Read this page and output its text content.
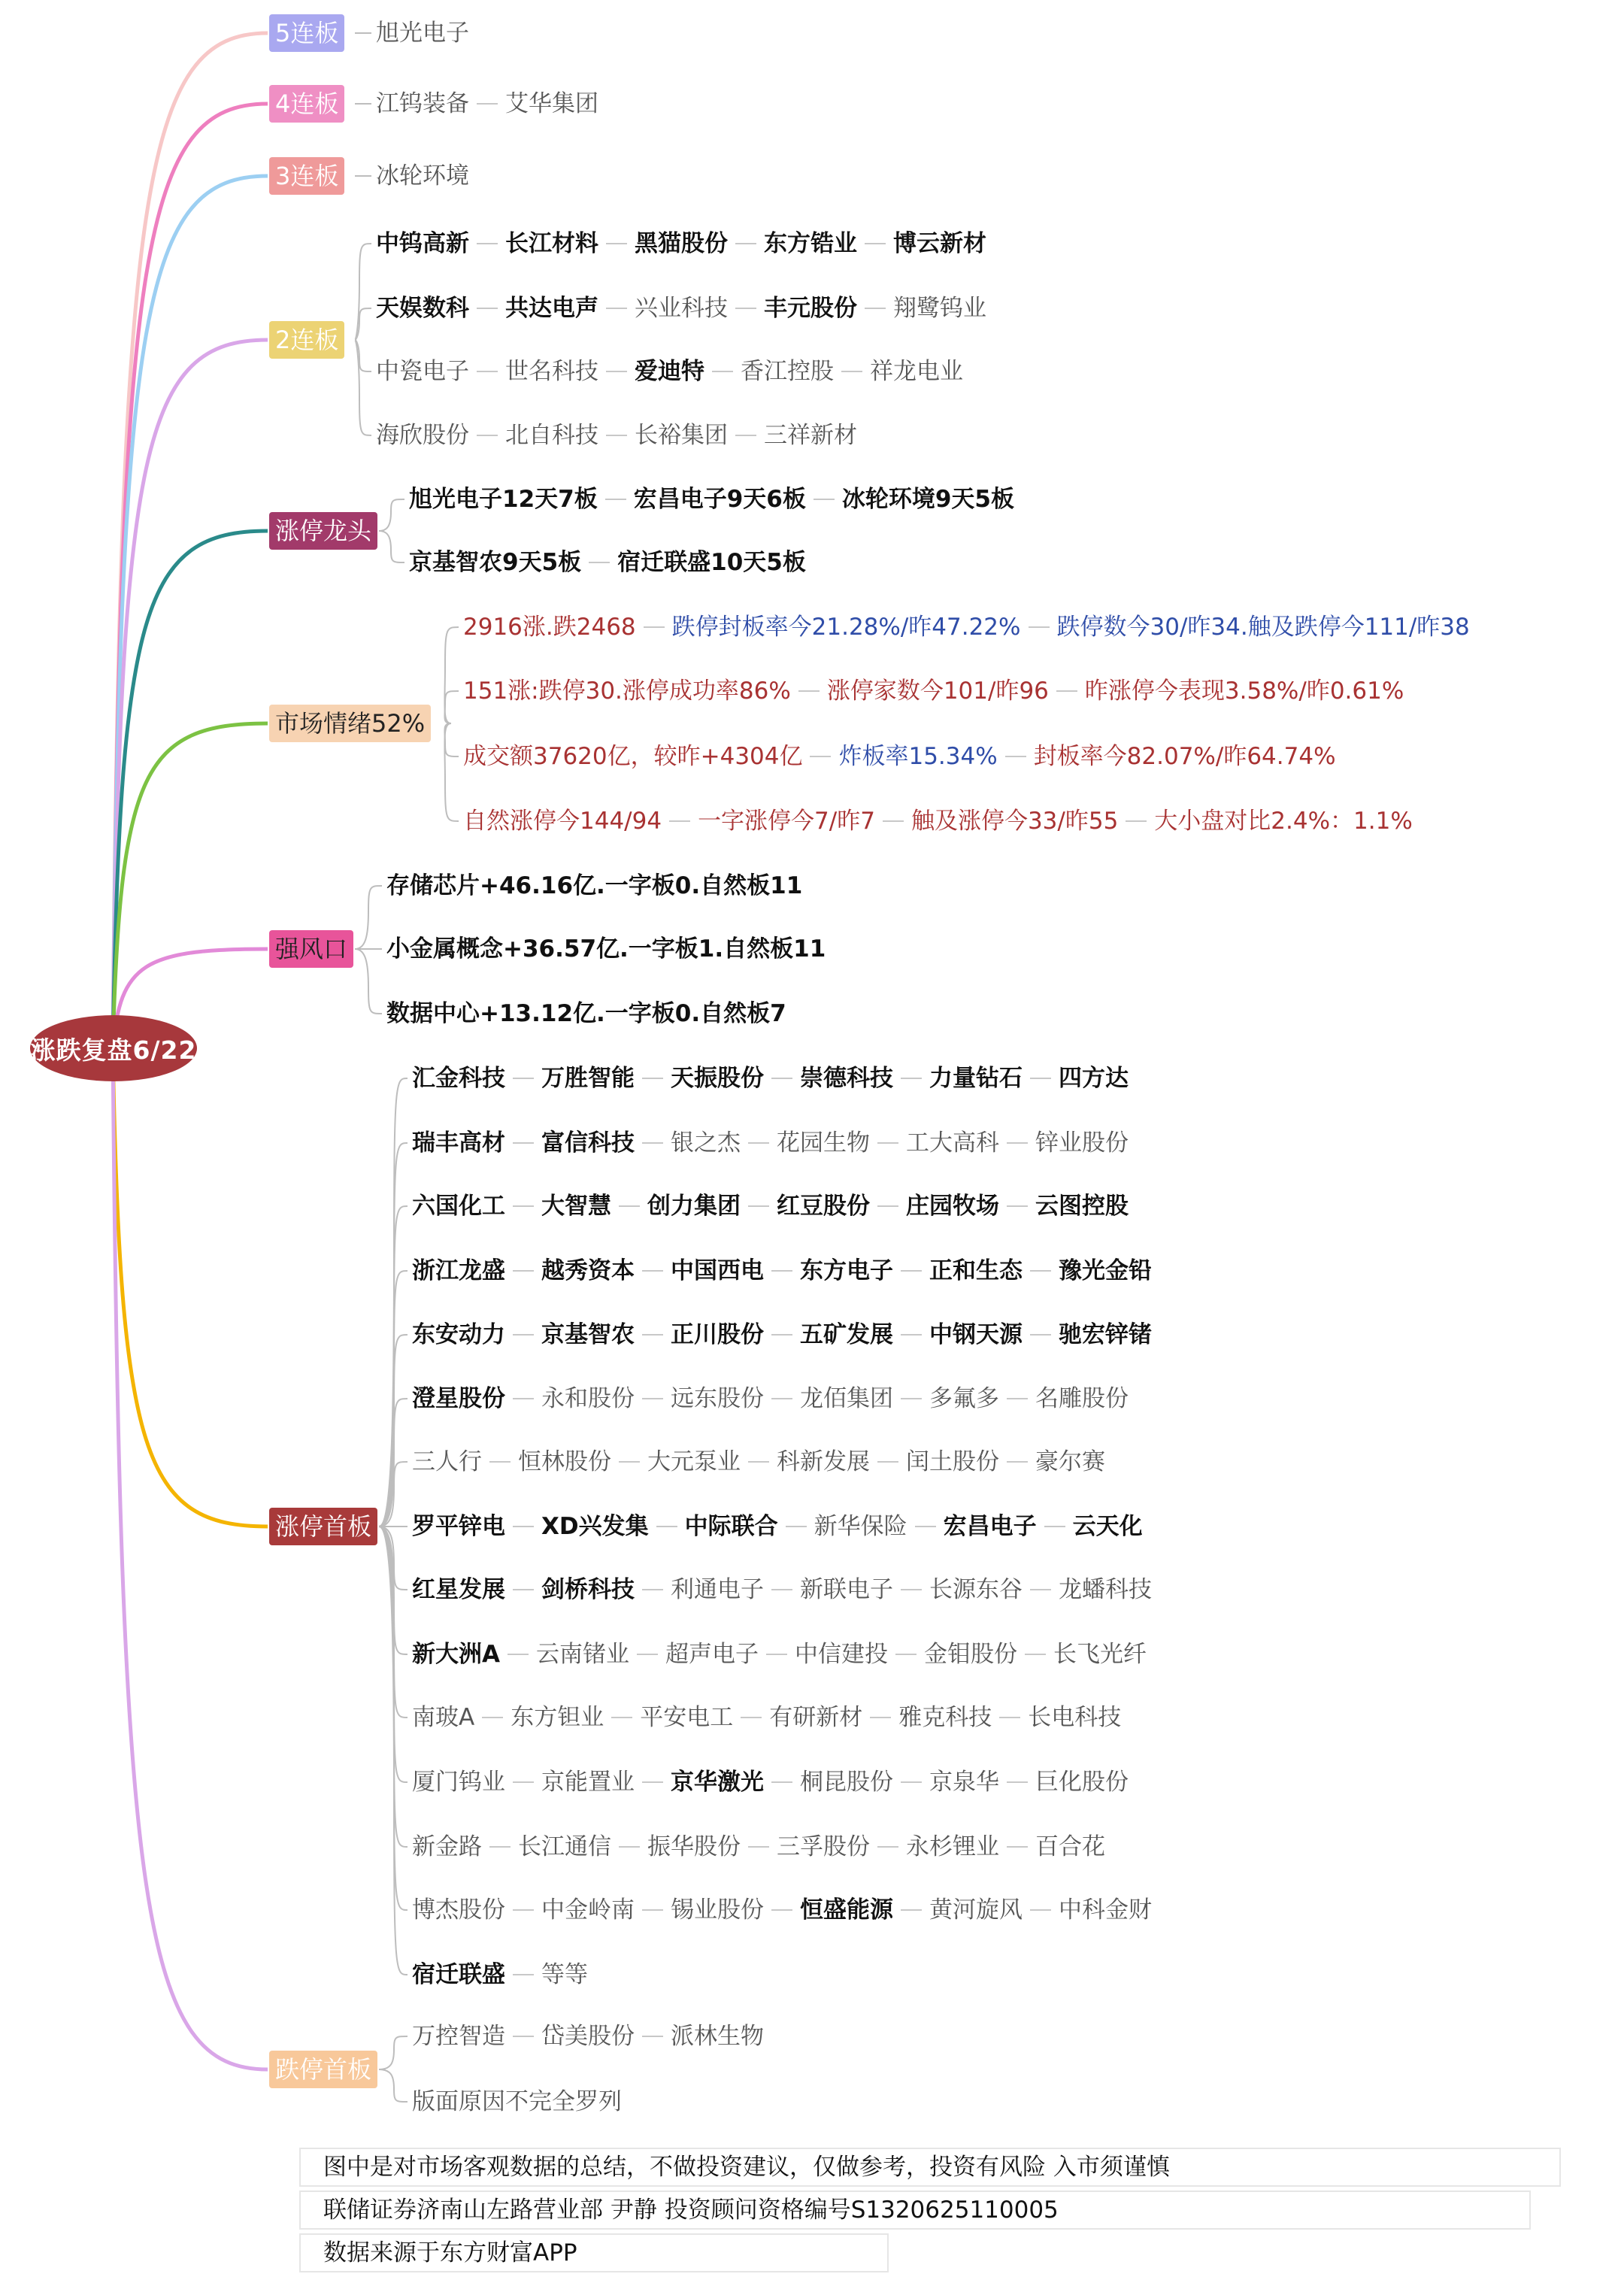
涨跌复盘6/22
5连板 旭光电子
4连板 江钨装备 艾华集团
3连板 冰轮环境
2连板
中钨高新 长江材料 黑猫股份 东方锆业 博云新材
天娱数科 共达电声 兴业科技 丰元股份 翔鹭钨业
中瓷电子 世名科技 爱迪特 香江控股 祥龙电业
海欣股份 北自科技 长裕集团 三祥新材
涨停龙头
旭光电子12天7板 宏昌电子9天6板 冰轮环境9天5板
京基智农9天5板 宿迁联盛10天5板
市场情绪52%
2916涨.跌2468 跌停封板率今21.28%/昨47.22% 跌停数今30/昨34.触及跌停今111/昨38
151涨:跌停30.涨停成功率86% 涨停家数今101/昨96 昨涨停今表现3.58%/昨0.61%
成交额37620亿，较昨+4304亿 炸板率15.34% 封板率今82.07%/昨64.74%
自然涨停今144/94 一字涨停今7/昨7 触及涨停今33/昨55 大小盘对比2.4%：1.1%
强风口
存储芯片+46.16亿.一字板0.自然板11
小金属概念+36.57亿.一字板1.自然板11
数据中心+13.12亿.一字板0.自然板7
涨停首板
汇金科技 万胜智能 天振股份 崇德科技 力量钻石 四方达
瑞丰高材 富信科技 银之杰 花园生物 工大高科 锌业股份
六国化工 大智慧 创力集团 红豆股份 庄园牧场 云图控股
浙江龙盛 越秀资本 中国西电 东方电子 正和生态 豫光金铅
东安动力 京基智农 正川股份 五矿发展 中钢天源 驰宏锌锗
澄星股份 永和股份 远东股份 龙佰集团 多氟多 名雕股份
三人行 恒林股份 大元泵业 科新发展 闰土股份 豪尔赛
罗平锌电 XD兴发集 中际联合 新华保险 宏昌电子 云天化
红星发展 剑桥科技 利通电子 新联电子 长源东谷 龙蟠科技
新大洲A 云南锗业 超声电子 中信建投 金钼股份 长飞光纤
南玻A 东方钽业 平安电工 有研新材 雅克科技 长电科技
厦门钨业 京能置业 京华激光 桐昆股份 京泉华 巨化股份
新金路 长江通信 振华股份 三孚股份 永杉锂业 百合花
博杰股份 中金岭南 锡业股份 恒盛能源 黄河旋风 中科金财
宿迁联盛 等等
跌停首板
万控智造 岱美股份 派林生物
版面原因不完全罗列
图中是对市场客观数据的总结，不做投资建议，仅做参考，投资有风险 入市须谨慎
联储证券济南山左路营业部 尹静 投资顾问资格编号S1320625110005
数据来源于东方财富APP
